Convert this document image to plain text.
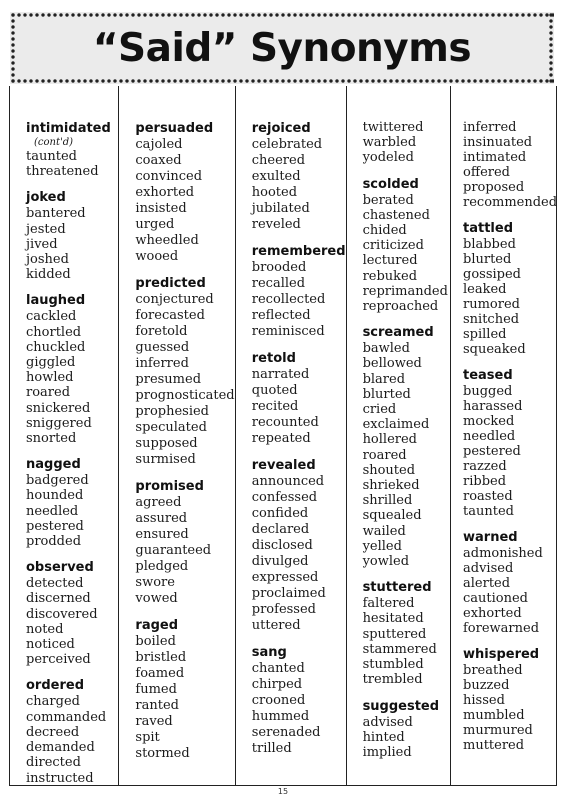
“Said” Synonyms
intimidated
(cont'd)
taunted
threatened
joked
bantered
jested
jived
joshed
kidded
laughed
cackled
chortled
chuckled
giggled
howled
roared
snickered
sniggered
snorted
nagged
badgered
hounded
needled
pestered
prodded
observed
detected
discerned
discovered
noted
noticed
perceived
ordered
charged
commanded
decreed
demanded
directed
instructed
persuaded
cajoled
coaxed
convinced
exhorted
insisted
urged
wheedled
wooed
predicted
conjectured
forecasted
foretold
guessed
inferred
presumed
prognosticated
prophesied
speculated
supposed
surmised
promised
agreed
assured
ensured
guaranteed
pledged
swore
vowed
raged
boiled
bristled
foamed
fumed
ranted
raved
spit
stormed
rejoiced
celebrated
cheered
exulted
hooted
jubilated
reveled
remembered
brooded
recalled
recollected
reflected
reminisced
retold
narrated
quoted
recited
recounted
repeated
revealed
announced
confessed
confided
declared
disclosed
divulged
expressed
proclaimed
professed
uttered
sang
chanted
chirped
crooned
hummed
serenaded
trilled
twittered
warbled
yodeled
scolded
berated
chastened
chided
criticized
lectured
rebuked
reprimanded
reproached
screamed
bawled
bellowed
blared
blurted
cried
exclaimed
hollered
roared
shouted
shrieked
shrilled
squealed
wailed
yelled
yowled
stuttered
faltered
hesitated
sputtered
stammered
stumbled
trembled
suggested
advised
hinted
implied
inferred
insinuated
intimated
offered
proposed
recommended
tattled
blabbed
blurted
gossiped
leaked
rumored
snitched
spilled
squeaked
teased
bugged
harassed
mocked
needled
pestered
razzed
ribbed
roasted
taunted
warned
admonished
advised
alerted
cautioned
exhorted
forewarned
whispered
breathed
buzzed
hissed
mumbled
murmured
muttered
15
